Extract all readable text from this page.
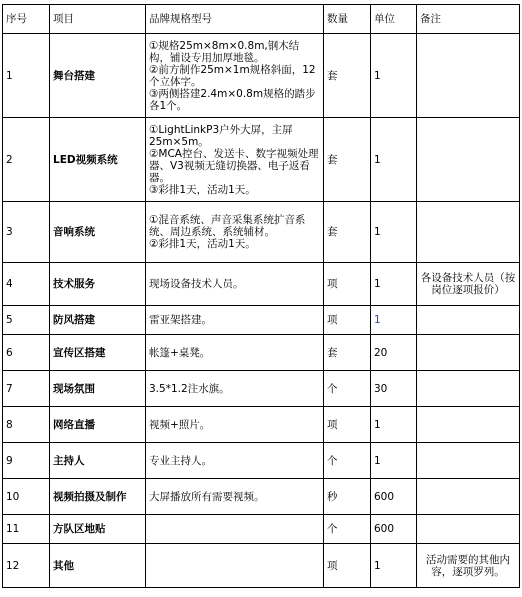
序号	项目	品牌规格型号	数量	单位	备注
1	舞台搭建	①规格25m×8m×0.8m,钢木结构，铺设专用加厚地毯。
②前方制作25m×1m规格斜面，12个立体字。
③两侧搭建2.4m×0.8m规格的踏步各1个。	套	1	
2	LED视频系统	①LightLinkP3户外大屏，主屏25m×5m。
②MCA控台、发送卡、数字视频处理器、V3视频无缝切换器、电子返看器。
③彩排1天，活动1天。	套	1	
3	音响系统	①混音系统、声音采集系统扩音系统、周边系统、系统辅材。
②彩排1天，活动1天。	套	1	
4	技术服务	现场设备技术人员。	项	1	各设备技术人员（按岗位逐项报价）
5	防风搭建	雷亚架搭建。	项	1	
6	宣传区搭建	帐篷+桌凳。	套	20	
7	现场氛围	3.5*1.2注水旗。	个	30	
8	网络直播	视频+照片。	项	1	
9	主持人	专业主持人。	个	1	
10	视频拍摄及制作	大屏播放所有需要视频。	秒	600	
11	方队区地贴		个	600	
12	其他		项	1	活动需要的其他内容，逐项罗列。
